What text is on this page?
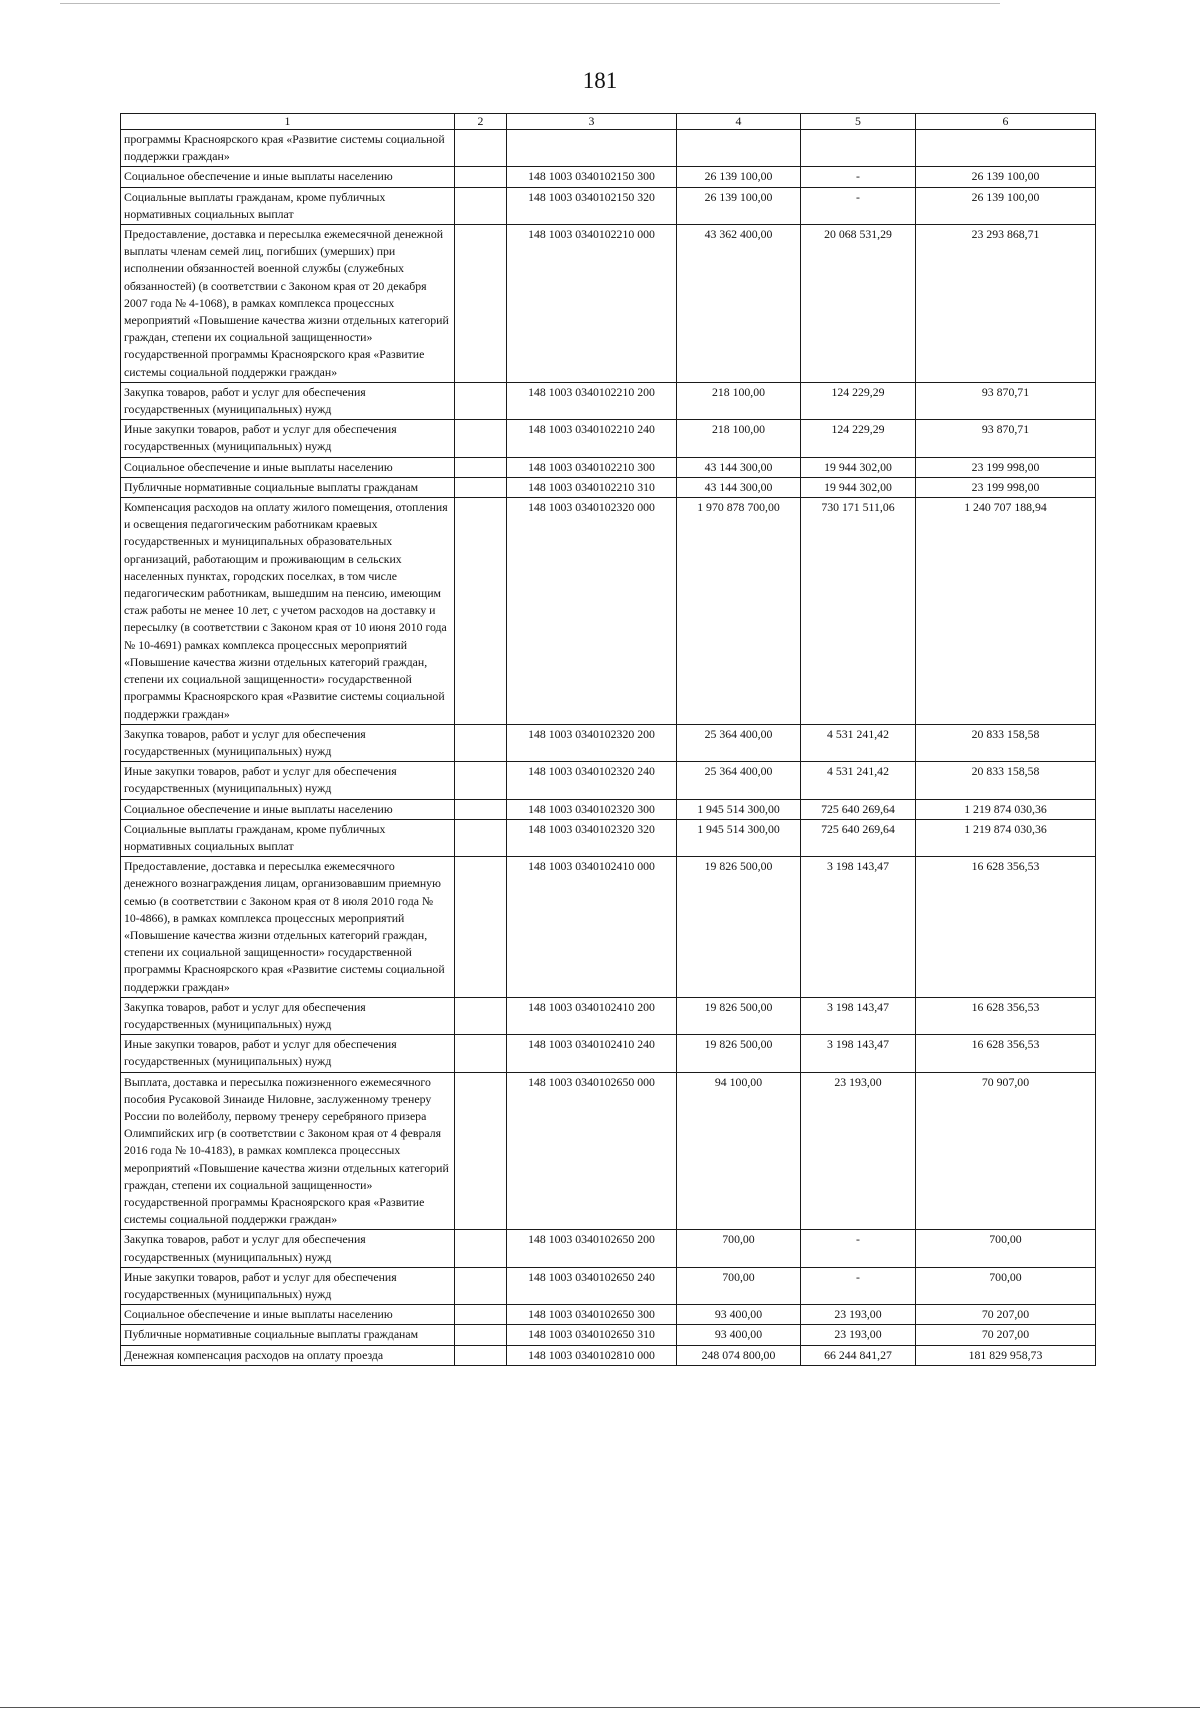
181
1	2	3	4	5	6
программы Красноярского края «Развитие системы социальной поддержки граждан»					
Социальное обеспечение и иные выплаты населению		148 1003 0340102150 300	26 139 100,00	-	26 139 100,00
Социальные выплаты гражданам, кроме публичных нормативных социальных выплат		148 1003 0340102150 320	26 139 100,00	-	26 139 100,00
Предоставление, доставка и пересылка ежемесячной денежной выплаты членам семей лиц, погибших (умерших) при исполнении обязанностей военной службы (служебных обязанностей) (в соответствии с Законом края от 20 декабря 2007 года № 4-1068), в рамках комплекса процессных мероприятий «Повышение качества жизни отдельных категорий граждан, степени их социальной защищенности» государственной программы Красноярского края «Развитие системы социальной поддержки граждан»		148 1003 0340102210 000	43 362 400,00	20 068 531,29	23 293 868,71
Закупка товаров, работ и услуг для обеспечения государственных (муниципальных) нужд		148 1003 0340102210 200	218 100,00	124 229,29	93 870,71
Иные закупки товаров, работ и услуг для обеспечения государственных (муниципальных) нужд		148 1003 0340102210 240	218 100,00	124 229,29	93 870,71
Социальное обеспечение и иные выплаты населению		148 1003 0340102210 300	43 144 300,00	19 944 302,00	23 199 998,00
Публичные нормативные социальные выплаты гражданам		148 1003 0340102210 310	43 144 300,00	19 944 302,00	23 199 998,00
Компенсация расходов на оплату жилого помещения, отопления и освещения педагогическим работникам краевых государственных и муниципальных образовательных организаций, работающим и проживающим в сельских населенных пунктах, городских поселках, в том числе педагогическим работникам, вышедшим на пенсию, имеющим стаж работы не менее 10 лет, с учетом расходов на доставку и пересылку (в соответствии с Законом края от 10 июня 2010 года № 10-4691) рамках комплекса процессных мероприятий «Повышение качества жизни отдельных категорий граждан, степени их социальной защищенности» государственной программы Красноярского края «Развитие системы социальной поддержки граждан»		148 1003 0340102320 000	1 970 878 700,00	730 171 511,06	1 240 707 188,94
Закупка товаров, работ и услуг для обеспечения государственных (муниципальных) нужд		148 1003 0340102320 200	25 364 400,00	4 531 241,42	20 833 158,58
Иные закупки товаров, работ и услуг для обеспечения государственных (муниципальных) нужд		148 1003 0340102320 240	25 364 400,00	4 531 241,42	20 833 158,58
Социальное обеспечение и иные выплаты населению		148 1003 0340102320 300	1 945 514 300,00	725 640 269,64	1 219 874 030,36
Социальные выплаты гражданам, кроме публичных нормативных социальных выплат		148 1003 0340102320 320	1 945 514 300,00	725 640 269,64	1 219 874 030,36
Предоставление, доставка и пересылка ежемесячного денежного вознаграждения лицам, организовавшим приемную семью (в соответствии с Законом края от 8 июля 2010 года № 10-4866), в рамках комплекса процессных мероприятий «Повышение качества жизни отдельных категорий граждан, степени их социальной защищенности» государственной программы Красноярского края «Развитие системы социальной поддержки граждан»		148 1003 0340102410 000	19 826 500,00	3 198 143,47	16 628 356,53
Закупка товаров, работ и услуг для обеспечения государственных (муниципальных) нужд		148 1003 0340102410 200	19 826 500,00	3 198 143,47	16 628 356,53
Иные закупки товаров, работ и услуг для обеспечения государственных (муниципальных) нужд		148 1003 0340102410 240	19 826 500,00	3 198 143,47	16 628 356,53
Выплата, доставка и пересылка пожизненного ежемесячного пособия Русаковой Зинаиде Ниловне, заслуженному тренеру России по волейболу, первому тренеру серебряного призера Олимпийских игр (в соответствии с Законом края от 4 февраля 2016 года № 10-4183), в рамках комплекса процессных мероприятий «Повышение качества жизни отдельных категорий граждан, степени их социальной защищенности» государственной программы Красноярского края «Развитие системы социальной поддержки граждан»		148 1003 0340102650 000	94 100,00	23 193,00	70 907,00
Закупка товаров, работ и услуг для обеспечения государственных (муниципальных) нужд		148 1003 0340102650 200	700,00	-	700,00
Иные закупки товаров, работ и услуг для обеспечения государственных (муниципальных) нужд		148 1003 0340102650 240	700,00	-	700,00
Социальное обеспечение и иные выплаты населению		148 1003 0340102650 300	93 400,00	23 193,00	70 207,00
Публичные нормативные социальные выплаты гражданам		148 1003 0340102650 310	93 400,00	23 193,00	70 207,00
Денежная компенсация расходов на оплату проезда		148 1003 0340102810 000	248 074 800,00	66 244 841,27	181 829 958,73
